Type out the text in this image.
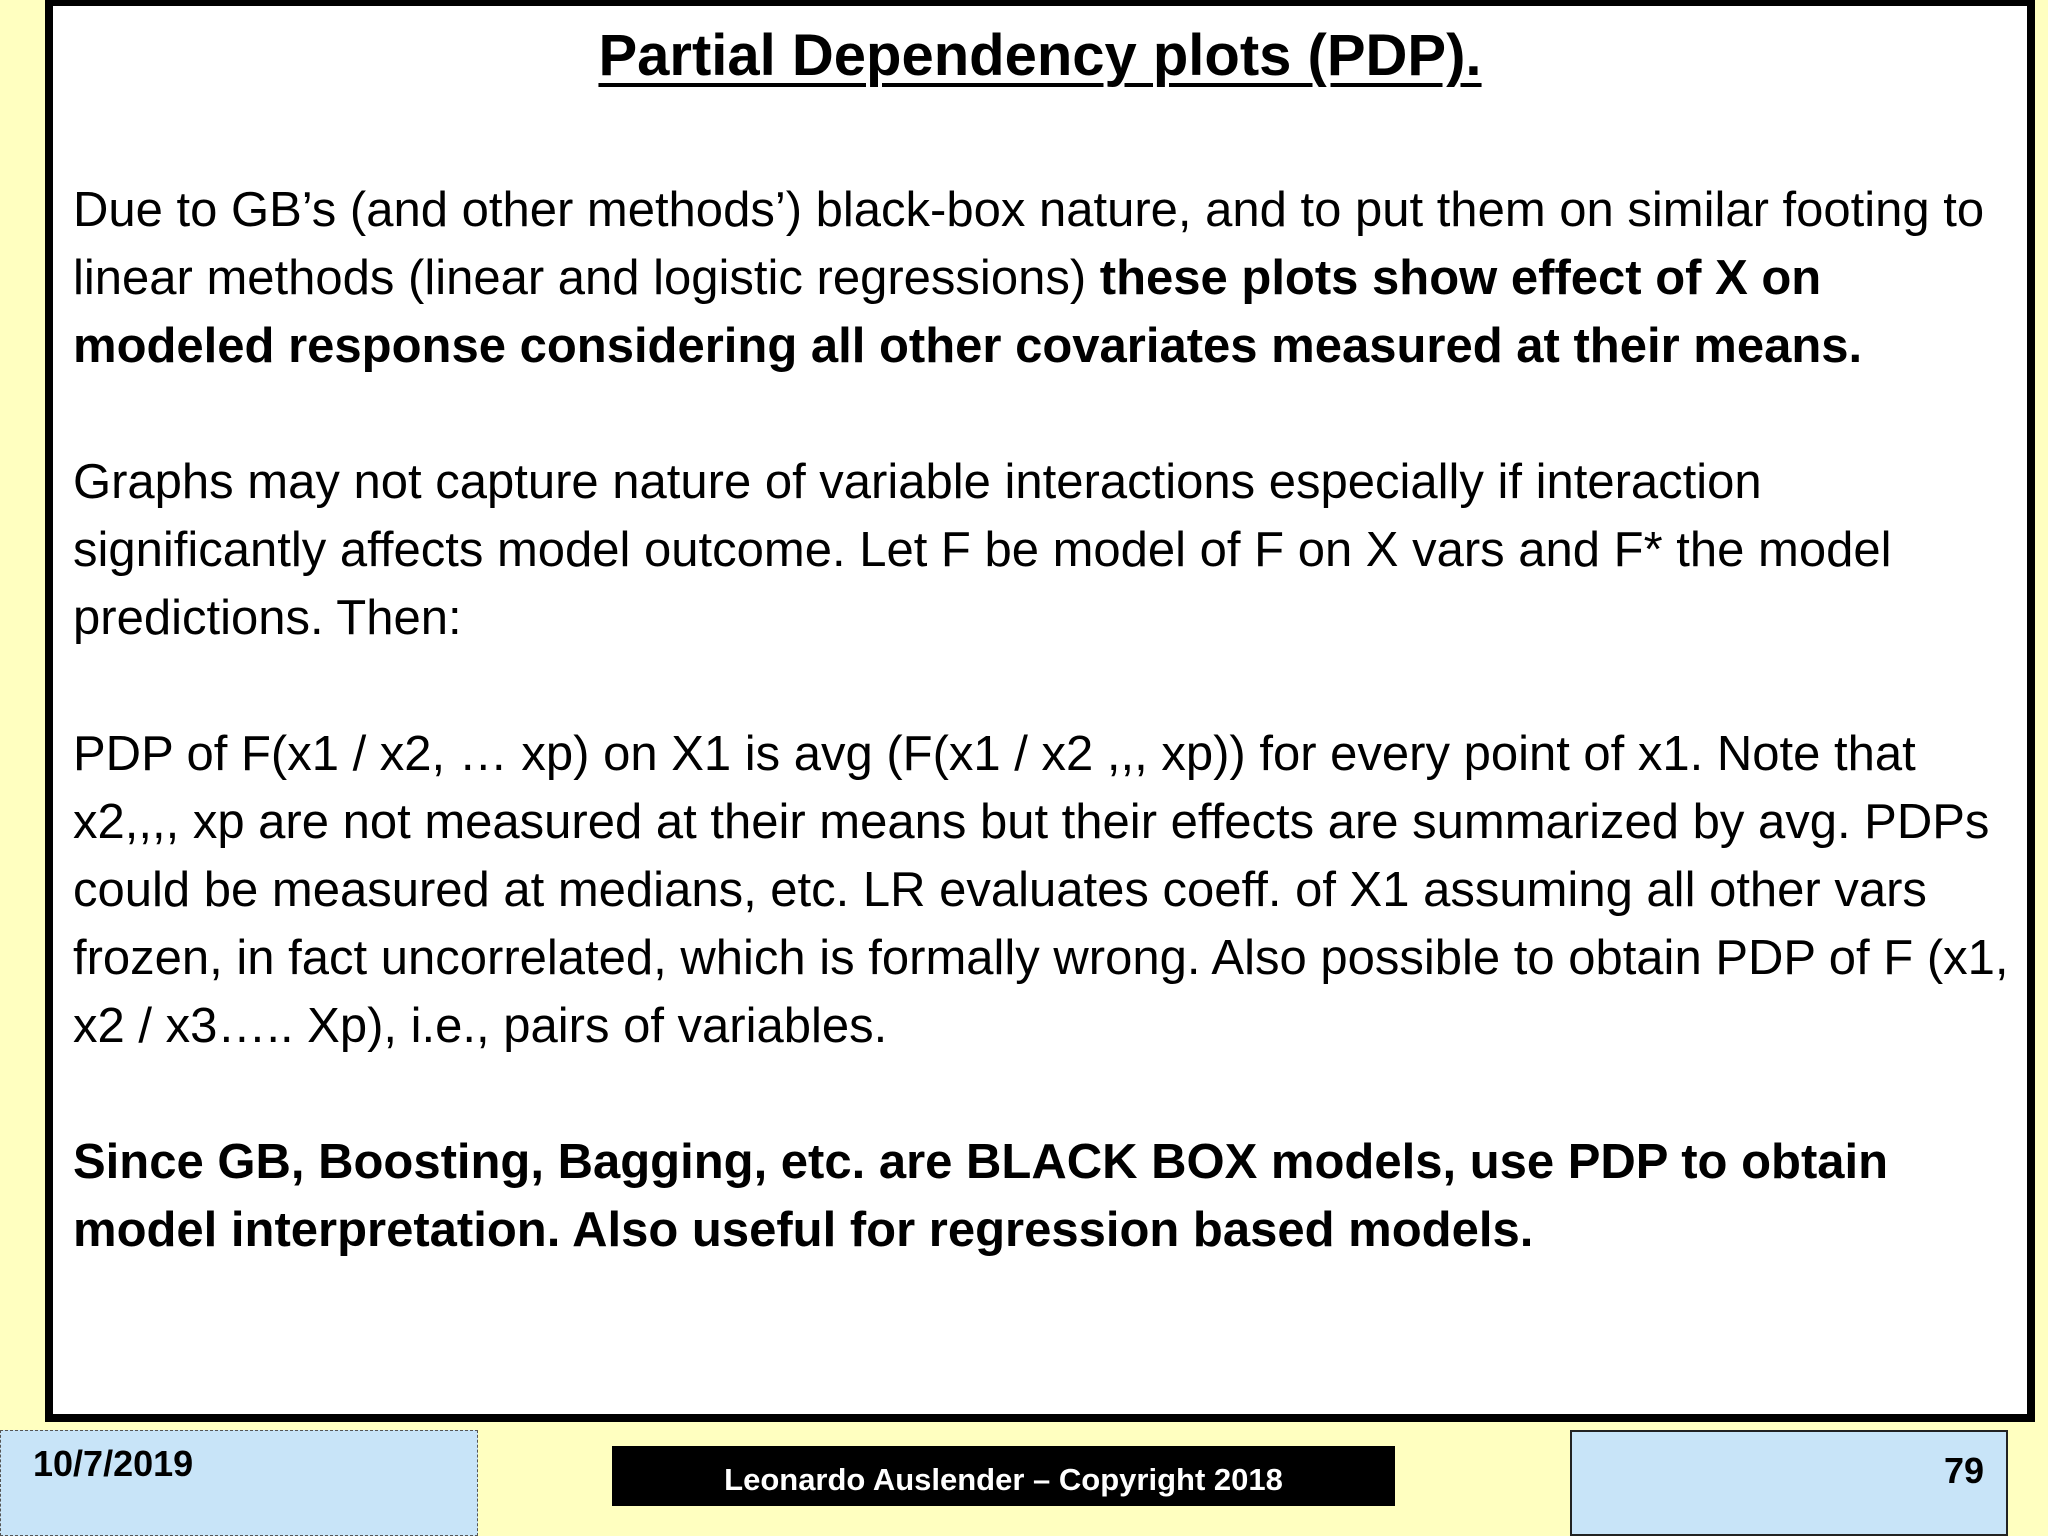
Partial Dependency plots (PDP).

Due to GB’s (and other methods’) black-box nature, and to put them on similar footing to linear methods (linear and logistic regressions) these plots show effect of X on modeled response considering all other covariates measured at their means.

Graphs may not capture nature of variable interactions especially if interaction significantly affects model outcome. Let F be model of F on X vars and F* the model predictions. Then:

PDP of F(x1 / x2, … xp) on X1 is avg (F(x1 / x2 ,,, xp)) for every point of x1. Note that x2,,,, xp are not measured at their means but their effects are summarized by avg. PDPs could be measured at medians, etc. LR evaluates coeff. of X1 assuming all other vars frozen, in fact uncorrelated, which is formally wrong. Also possible to obtain PDP of F (x1, x2 / x3….. Xp), i.e., pairs of variables.

Since GB, Boosting, Bagging, etc. are BLACK BOX models, use PDP to obtain model interpretation. Also useful for regression based models.

10/7/2019	Leonardo Auslender – Copyright 2018	79
